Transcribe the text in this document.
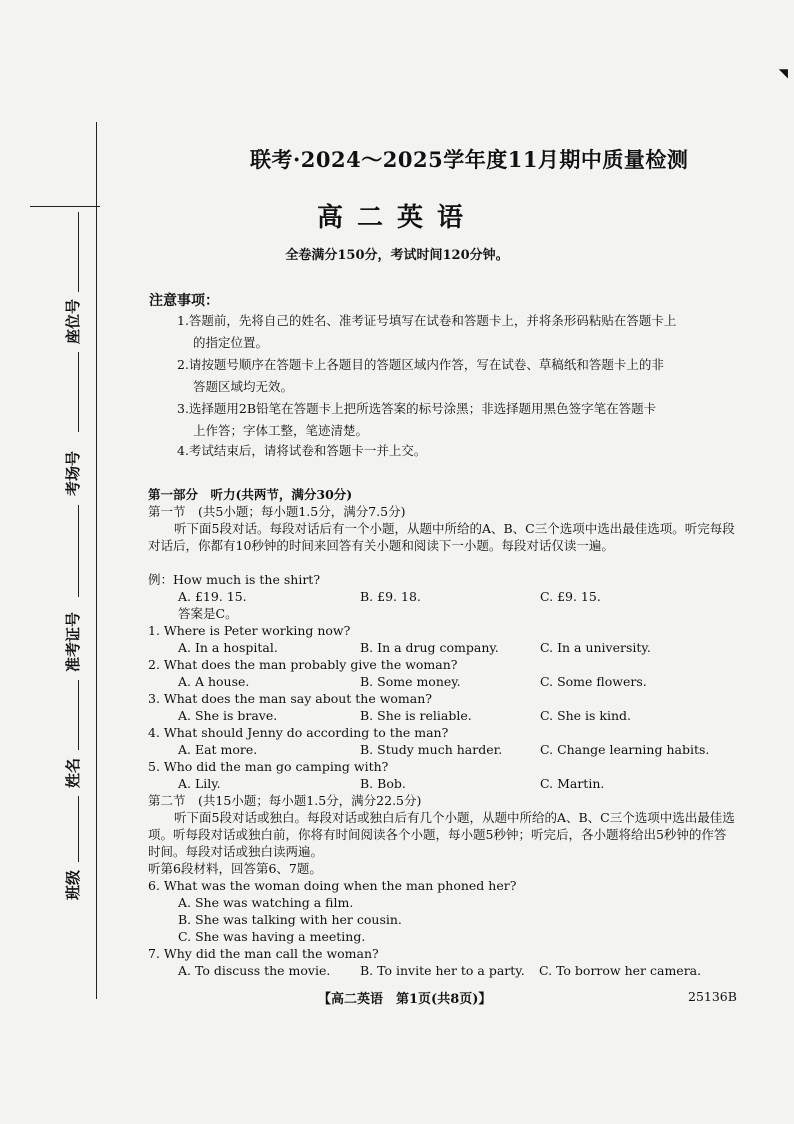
◥
座位号
考场号
准考证号
姓名
班级
联考·2024～2025学年度11月期中质量检测
高二英语
全卷满分150分，考试时间120分钟。
注意事项：
1.答题前，先将自己的姓名、准考证号填写在试卷和答题卡上，并将条形码粘贴在答题卡上
的指定位置。
2.请按题号顺序在答题卡上各题目的答题区域内作答，写在试卷、草稿纸和答题卡上的非
答题区域均无效。
3.选择题用2B铅笔在答题卡上把所选答案的标号涂黑；非选择题用黑色签字笔在答题卡
上作答；字体工整，笔迹清楚。
4.考试结束后，请将试卷和答题卡一并上交。
第一部分　听力(共两节，满分30分)
第一节　(共5小题；每小题1.5分，满分7.5分)
听下面5段对话。每段对话后有一个小题，从题中所给的A、B、C三个选项中选出最佳选项。听完每段对话后，你都有10秒钟的时间来回答有关小题和阅读下一小题。每段对话仅读一遍。
例：How much is the shirt?
A. £19. 15.	B. £9. 18.	C. £9. 15.
答案是C。
1. Where is Peter working now?
A. In a hospital.	B. In a drug company.	C. In a university.
2. What does the man probably give the woman?
A. A house.	B. Some money.	C. Some flowers.
3. What does the man say about the woman?
A. She is brave.	B. She is reliable.	C. She is kind.
4. What should Jenny do according to the man?
A. Eat more.	B. Study much harder.	C. Change learning habits.
5. Who did the man go camping with?
A. Lily.	B. Bob.	C. Martin.
第二节　(共15小题；每小题1.5分，满分22.5分)
听下面5段对话或独白。每段对话或独白后有几个小题，从题中所给的A、B、C三个选项中选出最佳选项。听每段对话或独白前，你将有时间阅读各个小题，每小题5秒钟；听完后，各小题将给出5秒钟的作答时间。每段对话或独白读两遍。
听第6段材料，回答第6、7题。
6. What was the woman doing when the man phoned her?
A. She was watching a film.
B. She was talking with her cousin.
C. She was having a meeting.
7. Why did the man call the woman?
A. To discuss the movie. B. To invite her to a party. C. To borrow her camera.
【高二英语　第1页(共8页)】	25136B
